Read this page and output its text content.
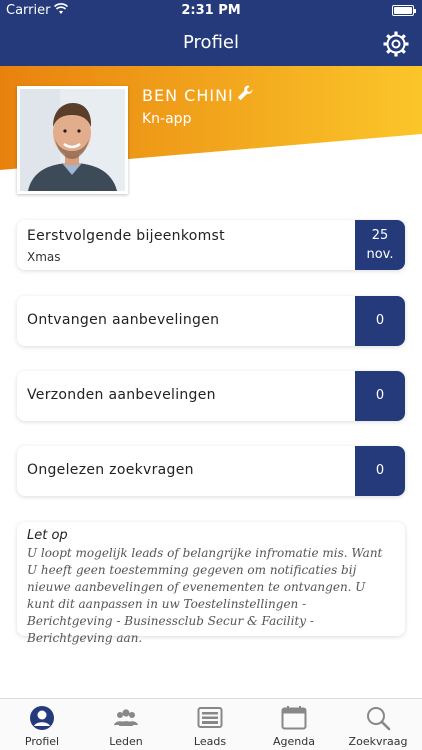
Carrier	2:31 PM
Profiel
BEN CHINI
Kn-app
Eerstvolgende bijeenkomst
Xmas
25
nov.
Ontvangen aanbevelingen	0
Verzonden aanbevelingen	0
Ongelezen zoekvragen	0
Let op
U loopt mogelijk leads of belangrijke infromatie mis. Want U heeft geen toestemming gegeven om notificaties bij nieuwe aanbevelingen of evenementen te ontvangen. U kunt dit aanpassen in uw Toestelinstellingen - Berichtgeving - Businessclub Secur & Facility - Berichtgeving aan.
Profiel	Leden	Leads	Agenda	Zoekvraag
